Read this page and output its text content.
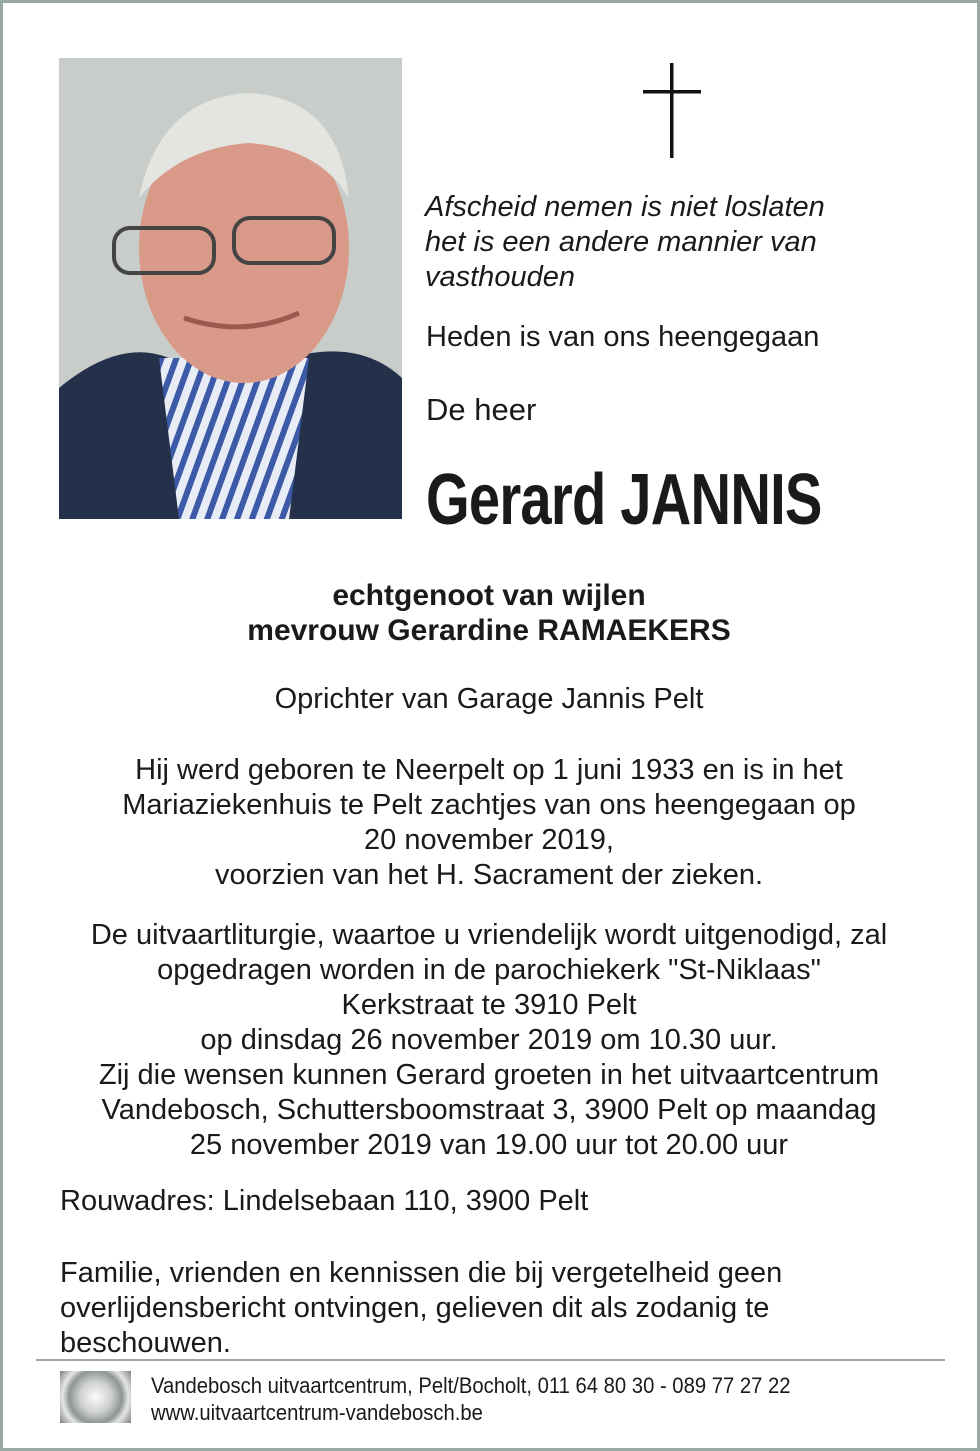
Afscheid nemen is niet loslaten
het is een andere mannier van
vasthouden
Heden is van ons heengegaan
De heer
Gerard JANNIS
echtgenoot van wijlen
mevrouw Gerardine RAMAEKERS
Oprichter van Garage Jannis Pelt
Hij werd geboren te Neerpelt op 1 juni 1933 en is in het
Mariaziekenhuis te Pelt zachtjes van ons heengegaan op
20 november 2019,
voorzien van het H. Sacrament der zieken.
De uitvaartliturgie, waartoe u vriendelijk wordt uitgenodigd, zal
opgedragen worden in de parochiekerk "St-Niklaas"
Kerkstraat te 3910 Pelt
op dinsdag 26 november 2019 om 10.30 uur.
Zij die wensen kunnen Gerard groeten in het uitvaartcentrum
Vandebosch, Schuttersboomstraat 3, 3900 Pelt op maandag
25 november 2019 van 19.00 uur tot 20.00 uur
Rouwadres: Lindelsebaan 110, 3900 Pelt
Familie, vrienden en kennissen die bij vergetelheid geen
overlijdensbericht ontvingen, gelieven dit als zodanig te
beschouwen.
Vandebosch uitvaartcentrum, Pelt/Bocholt, 011 64 80 30 - 089 77 27 22
www.uitvaartcentrum-vandebosch.be
